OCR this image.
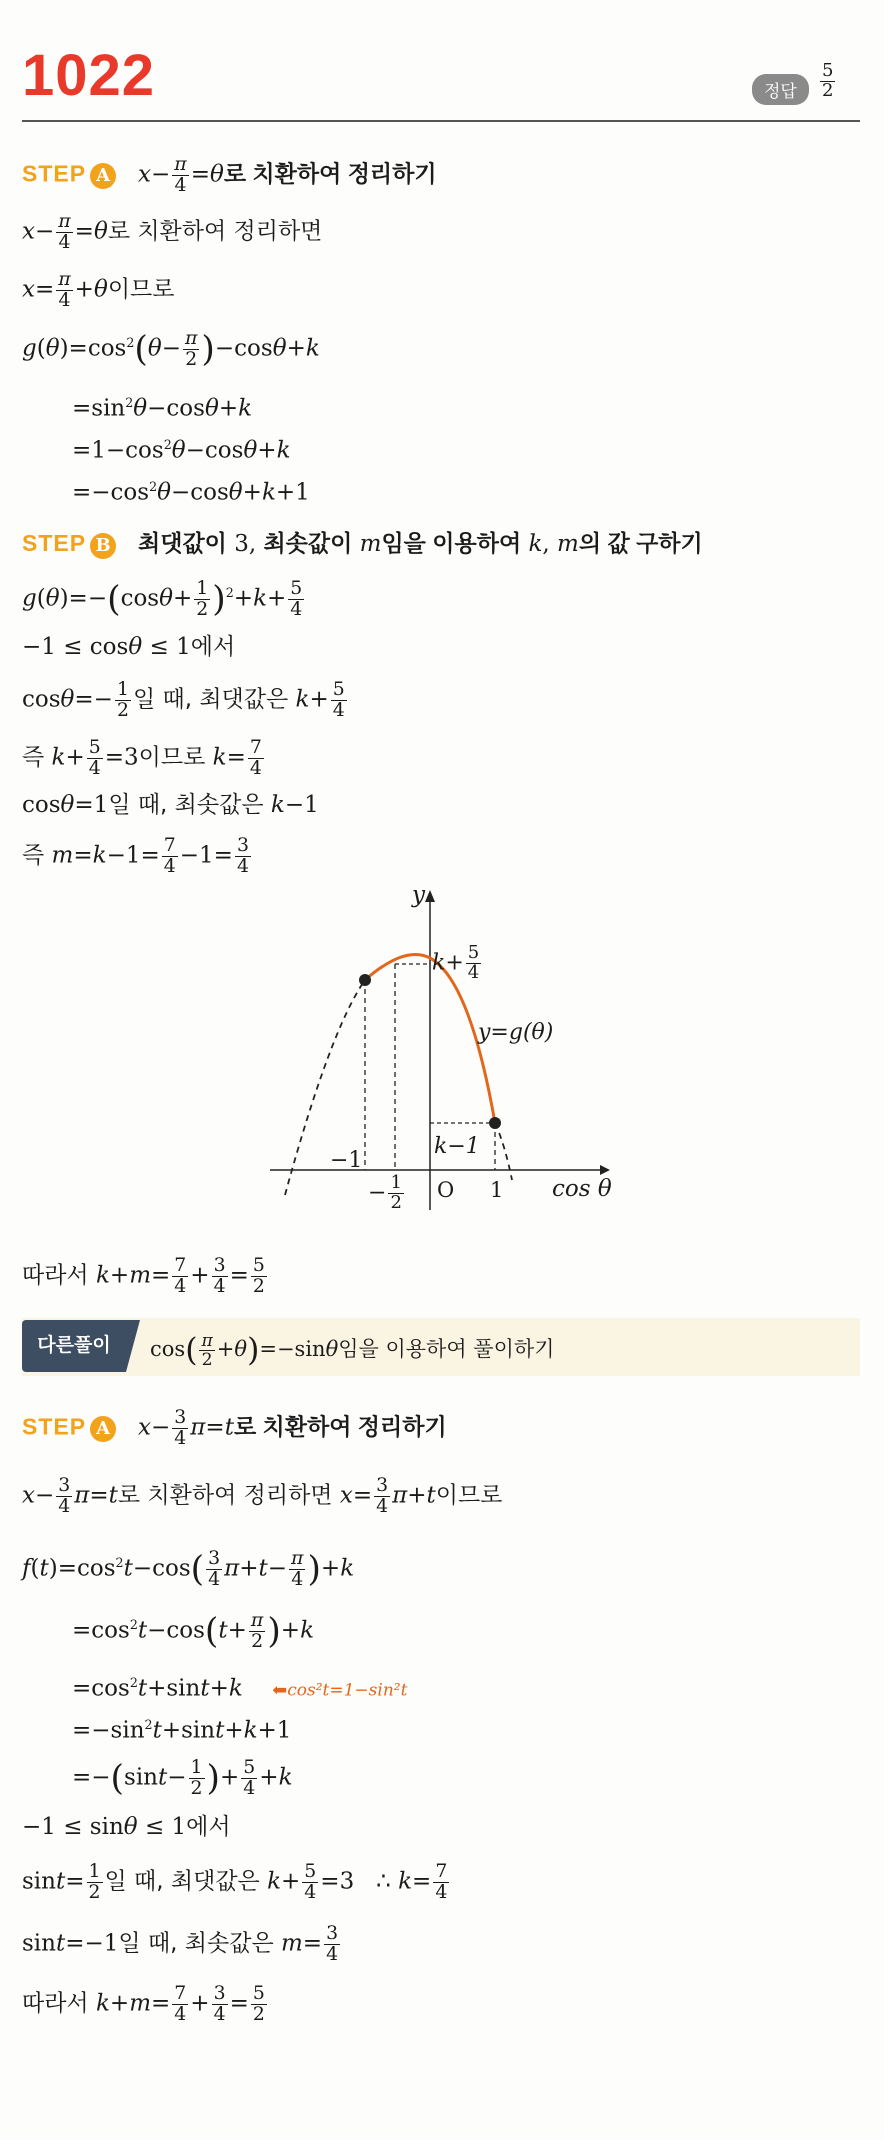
1022	정답	$\frac{5}{2}$
STEP A $x- \frac{\pi}{4} =\theta$로 치환하여 정리하기
$x- \frac{\pi}{4} =\theta$로 치환하여 정리하면
$x= \frac{\pi}{4} +\theta$이므로
$g(\theta)=\cos^2(\theta- \frac{\pi}{2} )-\cos\theta+k$
$=\sin^2\theta-\cos\theta+k$
$=1-\cos^2\theta-\cos\theta+k$
$=-\cos^2\theta-\cos\theta+k+1$
STEP B 최댓값이 3, 최솟값이 m임을 이용하여 k, m의 값 구하기
$g(\theta)=-(\cos\theta+ \frac{1}{2} )^2+k+ \frac{5}{4}$
−1 ≤ cosθ ≤ 1에서
$\cos\theta=- \frac{1}{2}$ 일 때, 최댓값은 $k+ \frac{5}{4}$
즉 $k+ \frac{5}{4} =3$이므로 $k= \frac{7}{4}$
cosθ=1일 때, 최솟값은 k−1
즉 $m=k-1= \frac{7}{4} -1= \frac{3}{4}$
y
$k+ \frac{5}{4}$
y=g(θ)
k−1
−1
O 1 cos θ
− $\frac{1}{2}$
따라서 $k+m= \frac{7}{4} + \frac{3}{4} = \frac{5}{2}$
다른풀이	$\cos( \frac{\pi}{2} +\theta)=-\sin\theta$임을 이용하여 풀이하기
STEP A $x- \frac{3}{4} \pi=t$로 치환하여 정리하기
$x- \frac{3}{4} \pi=t$로 치환하여 정리하면 $x= \frac{3}{4} \pi+t$이므로
$f(t)=\cos^2t-\cos( \frac{3}{4} \pi+t- \frac{\pi}{4} )+k$
$=\cos^2t-\cos(t+ \frac{\pi}{2} )+k$
$=\cos^2t+\sin t+k$ ⬅cos²t=1−sin²t
$=-\sin^2t+\sin t+k+1$
$=-(\sin t- \frac{1}{2}$ )+ $\frac{5}{4} +k$
−1 ≤ sinθ ≤ 1에서
$\sin t= \frac{1}{2}$ 일 때, 최댓값은 $k+ \frac{5}{4} =3$   ∴ $k= \frac{7}{4}$
sint=−1일 때, 최솟값은 $m= \frac{3}{4}$
따라서 $k+m= \frac{7}{4} + \frac{3}{4} = \frac{5}{2}$
